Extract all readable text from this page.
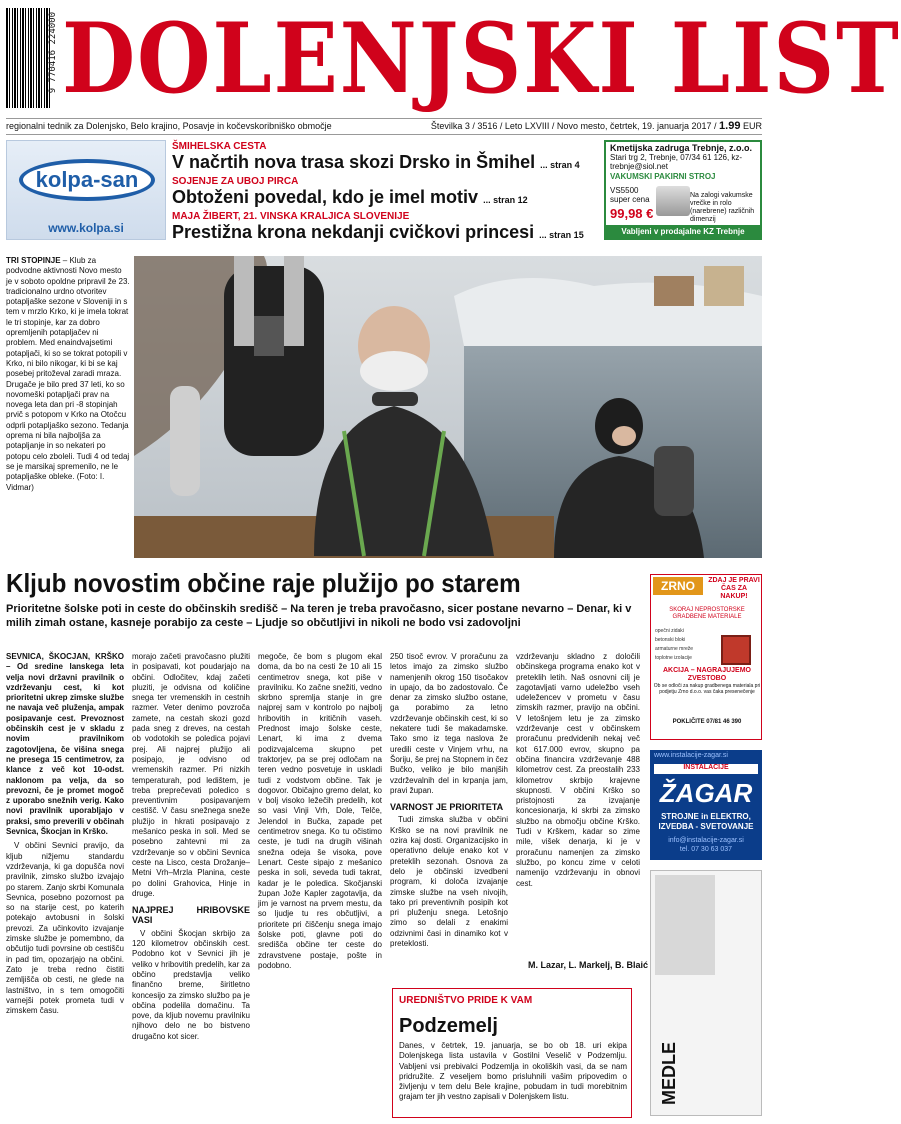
9 770416 224000 DOLENJSKI LIST
regionalni tednik za Dolenjsko, Belo krajino, Posavje in kočevskoribniško območje	Številka 3 / 3516 / Leto LXVIII / Novo mesto, četrtek, 19. januarja 2017 / 1.99 EUR
kolpa-san
www.kolpa.si
ŠMIHELSKA CESTA
V načrtih nova trasa skozi Drsko in Šmihel ... stran 4
SOJENJE ZA UBOJ PIRCA
Obtoženi povedal, kdo je imel motiv ... stran 12
MAJA ŽIBERT, 21. VINSKA KRALJICA SLOVENIJE
Prestižna krona nekdanji cvičkovi princesi ... stran 15
Kmetijska zadruga Trebnje, z.o.o.
Stari trg 2, Trebnje, 07/34 61 126, kz-trebnje@siol.net
VAKUMSKI PAKIRNI STROJ
VS5500 super cena
99,98 €
Na zalogi vakumske vrečke in rolo (narebrene) različnih dimenzij
Vabljeni v prodajalne KZ Trebnje
TRI STOPINJE – Klub za podvodne aktivnosti Novo mesto je v soboto opoldne pripravil že 23. tradicionalno urdno otvoritev potapljaške sezone v Sloveniji in s tem v mrzlo Krko, ki je imela tokrat le tri stopinje, kar za dobro opremljenih potapljačev ni problem. Med enaindvajsetimi potapljači, ki so se tokrat potopili v Krko, ni bilo nikogar, ki bi se kaj posebej pritoževal zaradi mraza. Drugače je bilo pred 37 leti, ko so novomeški potapljači prav na novega leta dan pri -8 stopinjah prvič s potopom v Krko na Otočcu odprli potapljaško sezono. Tedanja oprema ni bila najboljša za potapljanje in so nekateri po potopu celo zboleli. Tudi 4 od tedaj se je marsikaj spremenilo, ne le potapljaške obleke. (Foto: I. Vidmar)
Kljub novostim občine raje plužijo po starem
Prioritetne šolske poti in ceste do občinskih središč – Na teren je treba pravočasno, sicer postane nevarno – Denar, ki v milih zimah ostane, kasneje porabijo za ceste – Ljudje so občutljivi in nikoli ne bodo vsi zadovoljni

SEVNICA, ŠKOCJAN, KRŠKO – Od sredine lanskega leta velja novi državni pravilnik o vzdrževanju cest, ki kot prioritetni ukrep zimske službe ne navaja več pluženja, ampak posipavanje cest. Prevoznost občinskih cest je v skladu z novim pravilnikom zagotovljena, če višina snega ne presega 15 centimetrov, za klance z več kot 10-odst. naklonom pa velja, da so prevozni, če je promet mogoč z uporabo snežnih verig. Kako novi pravilnik uporabljajo v praksi, smo preverili v občinah Sevnica, Škocjan in Krško.

V občini Sevnici pravijo, da kljub nižjemu standardu vzdrževanja, ki ga dopušča novi pravilnik, zimsko službo izvajajo po starem. Zanjo skrbi Komunala Sevnica, posebno pozornost pa so na starije cest, po katerih potekajo avtobusni in šolski prevozi. Za učinkovito izvajanje zimske službe je pomembno, da občutijo tudi povrsine ob cestišču in pad tim, opozarjajo na občini. Zato je treba redno čistiti zemljišča ob cesti, ne glede na lastništvo, in s tem omogočiti varnejši potek prometa tudi v zimskem času.

morajo začeti pravočasno plužiti in posipavati, kot poudarjajo na občini. Odločitev, kdaj začeti pluziti, je odvisna od količine snega ter vremenskih in cestnih razmer. Veter denimo povzroča zamete, na cestah skozi gozd pada sneg z dreves, na cestah ob vodotokih se poledica pojavi prej. Ali najprej plužijo ali posipajo, je odvisno od vremenskih razmer. Pri nizkih temperaturah, pod ledištem, je treba preprečevati poledico s preventivnim posipavanjem cestišč. V času snežnega sneže plužijo in hkrati posipavajo z mešanico peska in soli. Med se posebno zahtevni mi za vzdrževanje so v občini Sevnica ceste na Lisco, cesta Drožanje–Metni Vrh–Mrzla Planina, ceste po dolini Grahovica, Hinje in druge.

NAJPREJ HRIBOVSKE VASI

V občini Škocjan skrbijo za 120 kilometrov občinskih cest. Podobno kot v Sevnici jih je veliko v hribovitih predelih, kar za občino predstavlja veliko finančno breme, širitletno koncesijo za zimsko službo pa je občina podelila domačinu. Ta pove, da kljub novemu pravilniku njihovo delo ne bo bistveno drugačno kot sicer.

megoče, če bom s plugom ekal doma, da bo na cesti že 10 ali 15 centimetrov snega, kot piše v pravilniku. Ko začne snežiti, vedno skrbno spremlja stanje in gre najprej sam v kontrolo po najbolj hribovitih in kritičnih vaseh. Prednost imajo šolske ceste, Lenart, ki ima z dvema podizvajalcema skupno pet traktorjev, pa se prej odločam na teren vedno posvetuje in uskladi tudi z vodstvom občine. Tak je dogovor. Običajno gremo delat, ko v bolj visoko ležečih predelih, kot so vasi Vinji Vrh, Dole, Telče, Jelendol in Bučka, zapade pet centimetrov snega. Ko tu očistimo ceste, je tudi na drugih višinah snežna odeja še visoka, pove Lenart. Ceste sipajo z mešanico peska in soli, seveda tudi takrat, kadar je le poledica. Skočjanski župan Jože Kapler zagotavlja, da jim je varnost na prvem mestu, da so ljudje tu res občutljivi, a prioritete pri čiščenju snega imajo šolske poti, glavne poti do središča občine ter ceste do zdravstvene postaje, pošte in podobno.

250 tisoč evrov. V proračunu za letos imajo za zimsko službo namenjenih okrog 150 tisočakov in upajo, da bo zadostovalo. Če denar za zimsko službo ostane, ga porabimo za letno vzdrževanje občinskih cest, ki so nekatere tudi še makadamske. Tako smo iz tega naslova že uredili ceste v Vinjem vrhu, na Šoriju, še prej na Stopnem in čez Bučko, veliko je bilo manjših vzdrževalnih del in krpanja jam, pravi župan.

VARNOST JE PRIORITETA

Tudi zimska služba v občini Krško se na novi pravilnik ne ozira kaj dosti. Organizacijsko in operativno deluje enako kot v preteklih sezonah. Osnova za delo je občinski izvedbeni program, ki določa izvajanje zimske službe na vseh nivojih, tako pri preventivnih posipih kot pri pluženju snega. Letošnjo zimo so delali z enakimi odzivnimi časi in dinamiko kot v preteklosti.

vzdrževanju skladno z določili občinskega programa enako kot v preteklih letih. Naš osnovni cilj je zagotavljati varno udeležbo vseh udeležencev v prometu v času zimskih razmer, pravijo na občini. V letošnjem letu je za zimsko vzdrževanje cest v občinskem proračunu predvidenih nekaj več kot 617.000 evrov, skupno pa občina financira vzdrževanje 488 kilometrov cest. Za preostalih 233 kilometrov skrbijo krajevne skupnosti. V občini Krško so pristojnosti za izvajanje koncesionarja, ki skrbi za zimsko službo na območju občine Krško. Tudi v Krškem, kadar so zime mile, višek denarja, ki je v proračunu namenjen za zimsko službo, po koncu zime v celoti namenijo vzdrževanju in obnovi cest.

M. Lazar, L. Markelj, B. Blaić
UREDNIŠTVO PRIDE K VAM
Podzemelj
Danes, v četrtek, 19. januarja, se bo ob 18. uri ekipa Dolenjskega lista ustavila v Gostilni Veselič v Podzemlju. Vabljeni vsi prebivalci Podzemlja in okoliških vasi, da se nam pridružite. Z veseljem bomo prisluhnili vašim pripovedim o življenju v tem delu Bele krajine, pobudam in tudi morebitnim grajam ter jih vestno zapisali v Dolenjskem listu.
ZRNO	ZDAJ JE PRAVI ČAS ZA NAKUP!
SKORAJ NEPROSTORSKE GRADBENE MATERIALE
opečni zidaki
betonski bloki
armaturne mreže
toplotne izolacije
AKCIJA – NAGRAJUJEMO ZVESTOBO
Ob se odloči za nakup gradbenega materiala pri podjetju Zrno d.o.o. vas čaka presenečenje
POKLIČITE 07/81 46 390
www.instalacije-zagar.si
INSTALACIJE
ŽAGAR
STROJNE in ELEKTRO, IZVEDBA - SVETOVANJE
info@instalacije-zagar.si
tel. 07 30 63 037
MEDLE
